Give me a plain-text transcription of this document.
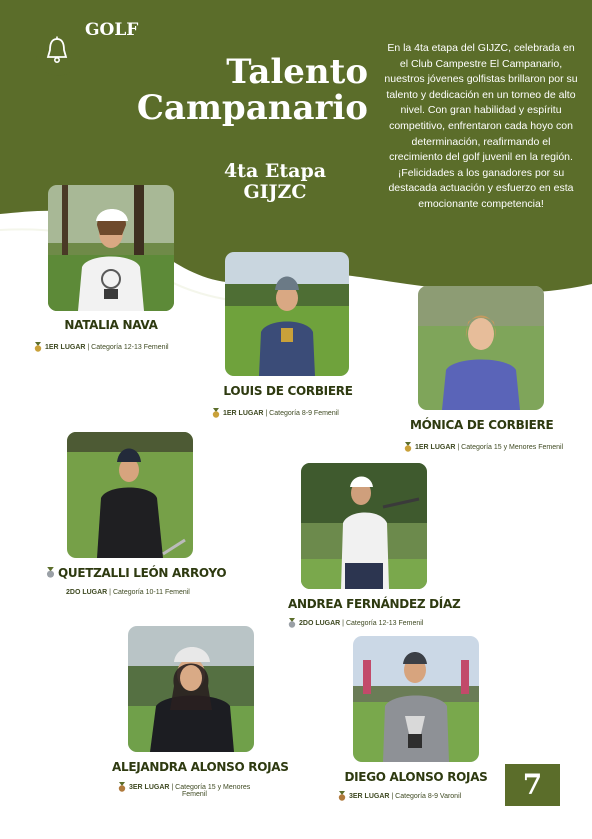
GOLF
Talento
Campanario
4ta Etapa
GIJZC

En la 4ta etapa del GIJZC, celebrada en el Club Campestre El Campanario, nuestros jóvenes golfistas brillaron por su talento y dedicación en un torneo de alto nivel. Con gran habilidad y espíritu competitivo, enfrentaron cada hoyo con determinación, reafirmando el crecimiento del golf juvenil en la región.

¡Felicidades a los ganadores por su destacada actuación y esfuerzo en esta emocionante competencia!

NATALIA NAVA
1ER LUGAR | Categoría 12-13 Femenil
LOUIS DE CORBIERE
1ER LUGAR | Categoría 8-9 Femenil
MÓNICA DE CORBIERE
1ER LUGAR | Categoría 15 y Menores Femenil
QUETZALLI LEÓN ARROYO
2DO LUGAR | Categoría 10-11 Femenil
ANDREA FERNÁNDEZ DÍAZ
2DO LUGAR | Categoría 12-13 Femenil
ALEJANDRA ALONSO ROJAS
3ER LUGAR | Categoría 15 y Menores
Femenil
DIEGO ALONSO ROJAS
3ER LUGAR | Categoría 8-9 Varonil	7
